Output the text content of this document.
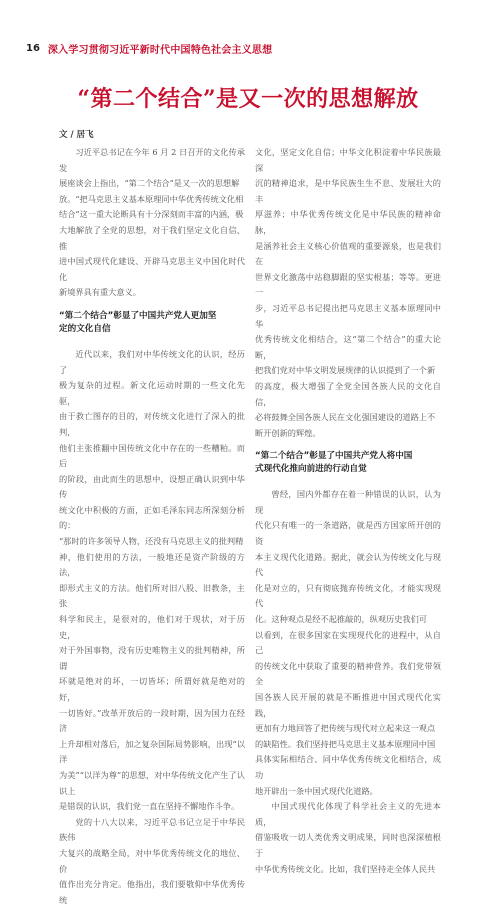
16 深入学习贯彻习近平新时代中国特色社会主义思想
“第二个结合”是又一次的思想解放
文 / 居飞

习近平总书记在今年 6 月 2 日召开的文化传承发
展座谈会上指出，“第二个结合”是又一次的思想解
放。“把马克思主义基本原理同中华优秀传统文化相
结合”这一重大论断具有十分深刻而丰富的内涵，极
大地解放了全党的思想，对于我们坚定文化自信、推
进中国式现代化建设、开辟马克思主义中国化时代化
新境界具有重大意义。

“第二个结合”彰显了中国共产党人更加坚
定的文化自信

近代以来，我们对中华传统文化的认识，经历了
极为复杂的过程。新文化运动时期的一些文化先驱，
由于救亡图存的目的，对传统文化进行了深入的批判，
他们主张推翻中国传统文化中存在的一些糟粕。而后
的阶段，由此而生的思想中，设想正确认识到中华传
统文化中积极的方面，正如毛泽东同志所深刻分析的：
“那时的许多领导人物，还没有马克思主义的批判精
神，他们使用的方法，一般地还是资产阶级的方法，
即形式主义的方法。他们所对旧八股、旧教条，主张
科学和民主，是很对的，他们对于现状，对于历史，
对于外国事物，没有历史唯物主义的批判精神，所谓
坏就是绝对的坏，一切皆坏；所谓好就是绝对的好，
一切皆好。”改革开放后的一段时期，因为国力在经济
上升却相对落后，加之复杂国际局势影响，出现“以洋
为美”“以洋为尊”的思想，对中华传统文化产生了认识上
是错误的认识，我们党一直在坚持不懈地作斗争。

党的十八大以来，习近平总书记立足于中华民族伟
大复兴的战略全局，对中华优秀传统文化的地位、价
值作出充分肯定。他指出，我们要敬仰中华优秀传统

文化，坚定文化自信；中华文化积淀着中华民族最深
沉的精神追求，是中华民族生生不息、发展壮大的丰
厚滋养；中华优秀传统文化是中华民族的精神命脉，
是涵养社会主义核心价值观的重要源泉，也是我们在
世界文化激荡中站稳脚跟的坚实根基；等等。更进一
步，习近平总书记提出把马克思主义基本原理同中华
优秀传统文化相结合，这“第二个结合”的重大论断，
把我们党对中华文明发展规律的认识提到了一个新
的高度，极大增强了全党全国各族人民的文化自信，
必将鼓舞全国各族人民在文化强国建设的道路上不
断开创新的辉煌。

“第二个结合”彰显了中国共产党人将中国
式现代化推向前进的行动自觉

曾经，国内外都存在着一种错误的认识，认为现
代化只有唯一的一条道路，就是西方国家所开创的资
本主义现代化道路。据此，就会认为传统文化与现代
化是对立的，只有彻底抛弃传统文化，才能实现现代
化。这种观点是经不起推敲的，纵观历史我们可
以看到，在很多国家在实现现代化的进程中，从自己
的传统文化中获取了重要的精神营养。我们党带领全
国各族人民开展的就是不断推进中国式现代化实践，
更加有力地回答了把传统与现代对立起来这一观点
的缺陷性。我们坚持把马克思主义基本原理同中国
具体实际相结合、同中华优秀传统文化相结合，成功
地开辟出一条中国式现代化道路。

中国式现代化体现了科学社会主义的先进本质，
借鉴吸收一切人类优秀文明成果，同时也深深植根于
中华优秀传统文化。比如，我们坚持走全体人民共
